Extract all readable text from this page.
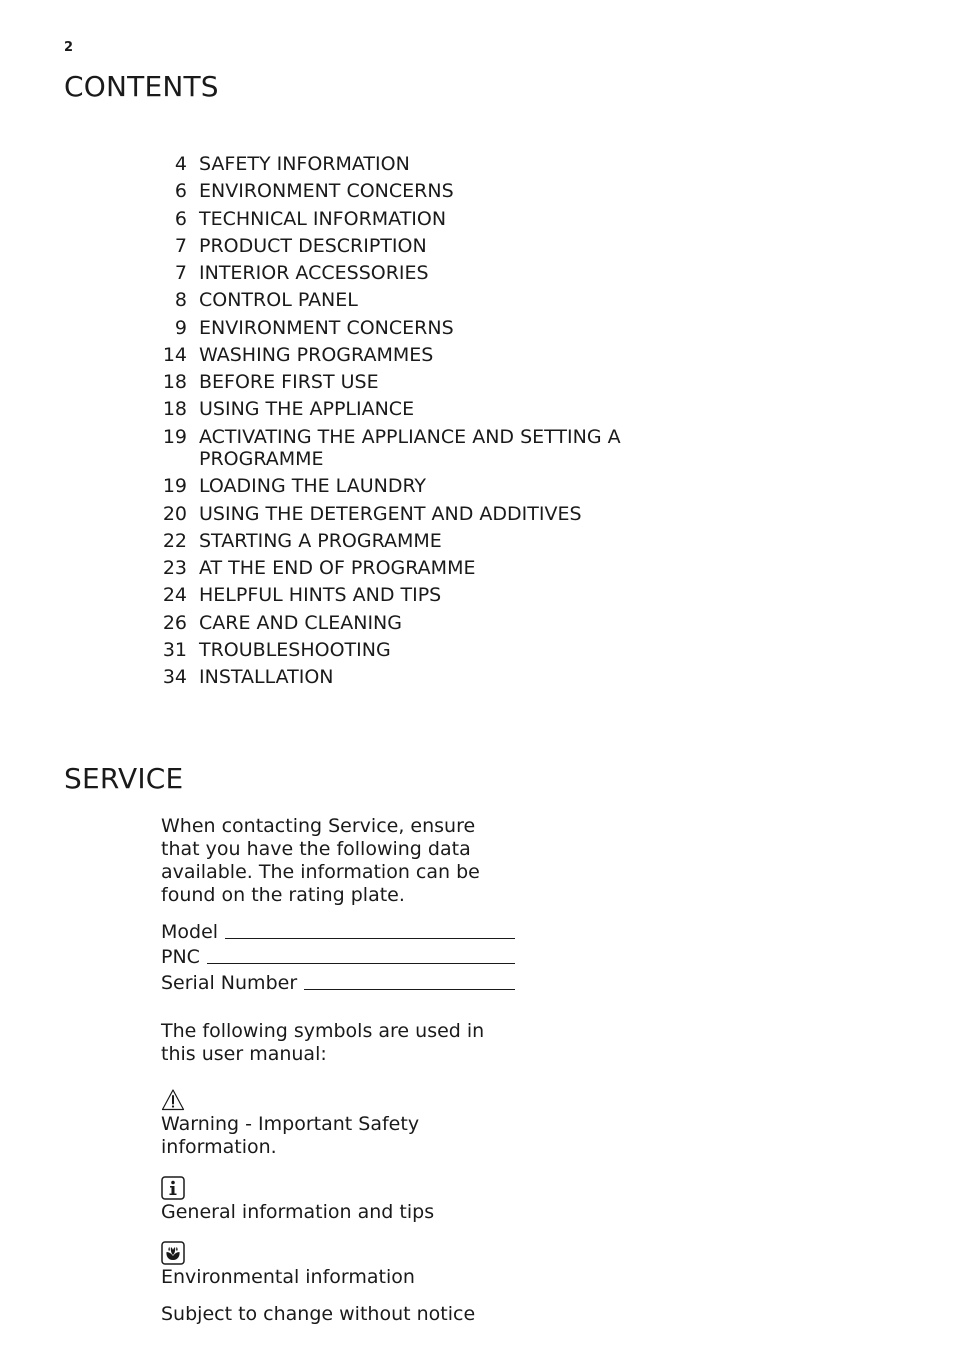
2
CONTENTS
4 SAFETY INFORMATION
6 ENVIRONMENT CONCERNS
6 TECHNICAL INFORMATION
7 PRODUCT DESCRIPTION
7 INTERIOR ACCESSORIES
8 CONTROL PANEL
9 ENVIRONMENT CONCERNS
14 WASHING PROGRAMMES
18 BEFORE FIRST USE
18 USING THE APPLIANCE
19 ACTIVATING THE APPLIANCE AND SETTING A PROGRAMME
19 LOADING THE LAUNDRY
20 USING THE DETERGENT AND ADDITIVES
22 STARTING A PROGRAMME
23 AT THE END OF PROGRAMME
24 HELPFUL HINTS AND TIPS
26 CARE AND CLEANING
31 TROUBLESHOOTING
34 INSTALLATION
SERVICE

When contacting Service, ensure that you have the following data available. The information can be found on the rating plate.

Model
PNC
Serial Number

The following symbols are used in this user manual:

Warning - Important Safety information.

General information and tips

Environmental information

Subject to change without notice
